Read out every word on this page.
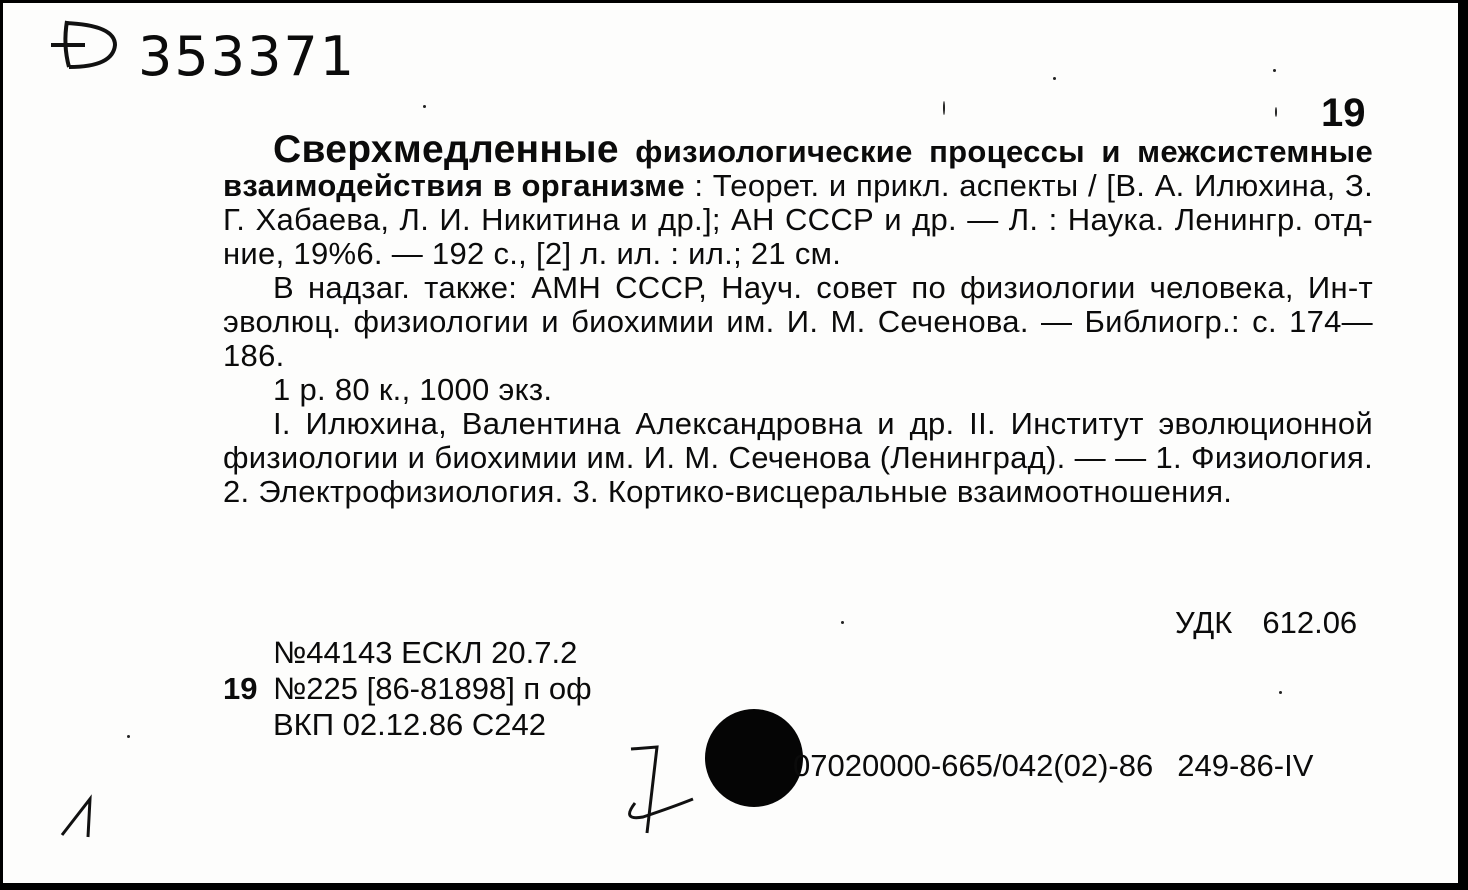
353371
19

Сверхмедленные физиологические процессы и межсистемные взаимодействия в организме : Теорет. и прикл. аспекты / [В. А. Илюхина, З. Г. Хабаева, Л. И. Никитина и др.]; АН СССР и др. — Л. : Наука. Ленингр. отд-ние, 19%6. — 192 с., [2] л. ил. : ил.; 21 см.

В надзаг. также: АМН СССР, Науч. совет по физиологии человека, Ин-т эволюц. физиологии и биохимии им. И. М. Сеченова. — Библиогр.: с. 174—186.

1 р. 80 к., 1000 экз.

I. Илюхина, Валентина Александровна и др. II. Институт эволюционной физиологии и биохимии им. И. М. Сеченова (Ленинград). — — 1. Физиология. 2. Электрофизиология. 3. Кортико-висцеральные взаимоотношения.

УДК 612.06
19
№44143 ЕСКЛ 20.7.2
№225 [86-81898] п оф
ВКП 02.12.86 С242
07020000-665/042(02)-86 249-86-IV
